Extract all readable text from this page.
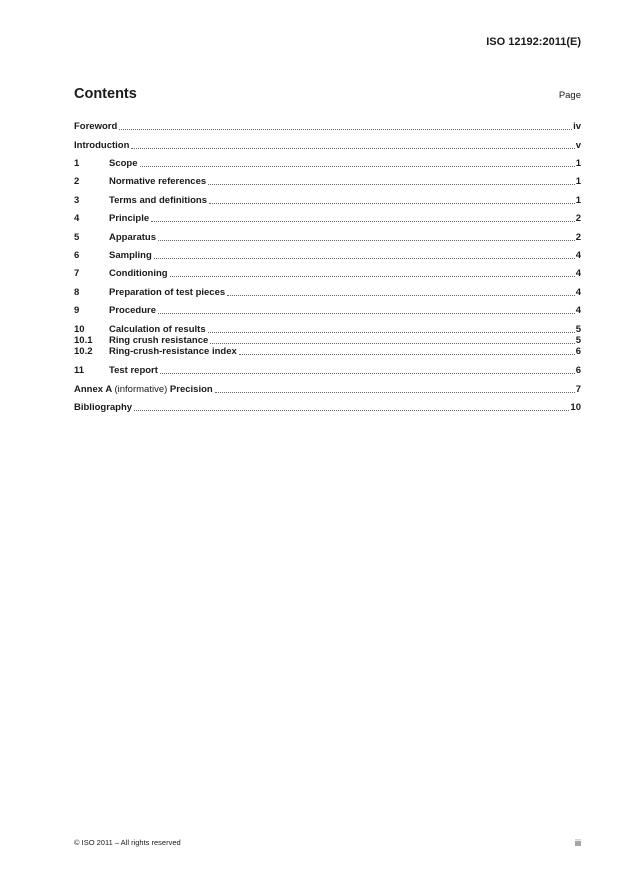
ISO 12192:2011(E)
Contents	Page
Foreword	iv
Introduction	v
1	Scope	1
2	Normative references	1
3	Terms and definitions	1
4	Principle	2
5	Apparatus	2
6	Sampling	4
7	Conditioning	4
8	Preparation of test pieces	4
9	Procedure	4
10	Calculation of results	5
10.1	Ring crush resistance	5
10.2	Ring-crush-resistance index	6
11	Test report	6
Annex A (informative) Precision	7
Bibliography	10
© ISO 2011 – All rights reserved	iii
